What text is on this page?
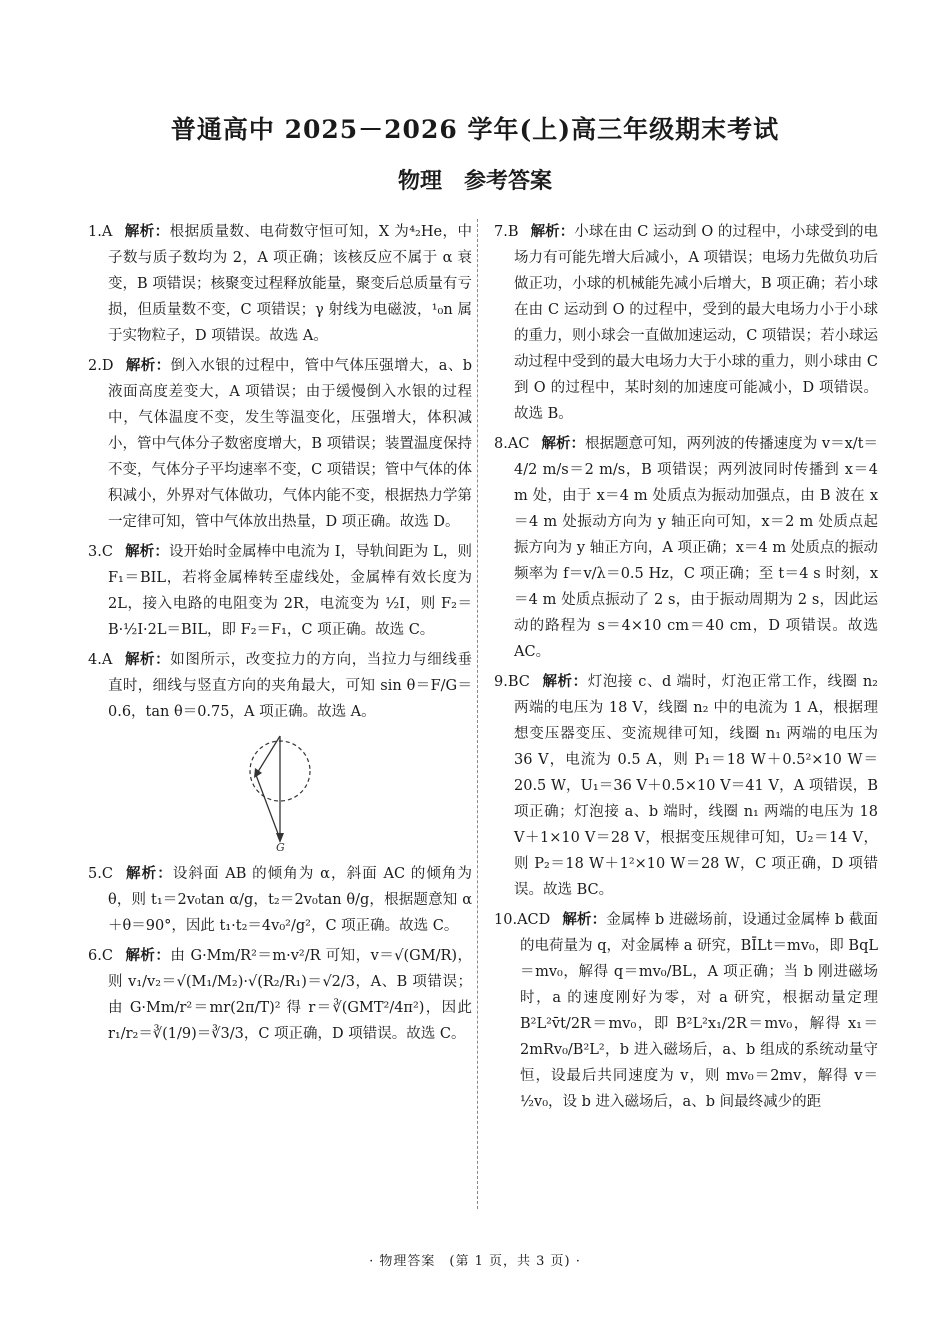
普通高中 2025－2026 学年(上)高三年级期末考试
物理　参考答案

1.A 解析：根据质量数、电荷数守恒可知，X 为⁴₂He，中子数与质子数均为 2，A 项正确；该核反应不属于 α 衰变，B 项错误；核聚变过程释放能量，聚变后总质量有亏损，但质量数不变，C 项错误；γ 射线为电磁波，¹₀n 属于实物粒子，D 项错误。故选 A。

2.D 解析：倒入水银的过程中，管中气体压强增大，a、b 液面高度差变大，A 项错误；由于缓慢倒入水银的过程中，气体温度不变，发生等温变化，压强增大，体积减小，管中气体分子数密度增大，B 项错误；装置温度保持不变，气体分子平均速率不变，C 项错误；管中气体的体积减小，外界对气体做功，气体内能不变，根据热力学第一定律可知，管中气体放出热量，D 项正确。故选 D。

3.C 解析：设开始时金属棒中电流为 I，导轨间距为 L，则 F₁＝BIL，若将金属棒转至虚线处，金属棒有效长度为 2L，接入电路的电阻变为 2R，电流变为 ½I，则 F₂＝B·½I·2L＝BIL，即 F₂＝F₁，C 项正确。故选 C。

4.A 解析：如图所示，改变拉力的方向，当拉力与细线垂直时，细线与竖直方向的夹角最大，可知 sin θ＝F/G＝0.6，tan θ＝0.75，A 项正确。故选 A。

G

5.C 解析：设斜面 AB 的倾角为 α，斜面 AC 的倾角为 θ，则 t₁＝2v₀tan α/g，t₂＝2v₀tan θ/g，根据题意知 α＋θ＝90°，因此 t₁·t₂＝4v₀²/g²，C 项正确。故选 C。

6.C 解析：由 G·Mm/R²＝m·v²/R 可知，v＝√(GM/R)，则 v₁/v₂＝√(M₁/M₂)·√(R₂/R₁)＝√2/3，A、B 项错误；由 G·Mm/r²＝mr(2π/T)² 得 r＝∛(GMT²/4π²)，因此 r₁/r₂＝∛(1/9)＝∛3/3，C 项正确，D 项错误。故选 C。

7.B 解析：小球在由 C 运动到 O 的过程中，小球受到的电场力有可能先增大后减小，A 项错误；电场力先做负功后做正功，小球的机械能先减小后增大，B 项正确；若小球在由 C 运动到 O 的过程中，受到的最大电场力小于小球的重力，则小球会一直做加速运动，C 项错误；若小球运动过程中受到的最大电场力大于小球的重力，则小球由 C 到 O 的过程中，某时刻的加速度可能减小，D 项错误。故选 B。

8.AC 解析：根据题意可知，两列波的传播速度为 v＝x/t＝4/2 m/s＝2 m/s，B 项错误；两列波同时传播到 x＝4 m 处，由于 x＝4 m 处质点为振动加强点，由 B 波在 x＝4 m 处振动方向为 y 轴正向可知，x＝2 m 处质点起振方向为 y 轴正方向，A 项正确；x＝4 m 处质点的振动频率为 f＝v/λ＝0.5 Hz，C 项正确；至 t＝4 s 时刻，x＝4 m 处质点振动了 2 s，由于振动周期为 2 s，因此运动的路程为 s＝4×10 cm＝40 cm，D 项错误。故选 AC。

9.BC 解析：灯泡接 c、d 端时，灯泡正常工作，线圈 n₂ 两端的电压为 18 V，线圈 n₂ 中的电流为 1 A，根据理想变压器变压、变流规律可知，线圈 n₁ 两端的电压为 36 V，电流为 0.5 A，则 P₁＝18 W＋0.5²×10 W＝20.5 W，U₁＝36 V＋0.5×10 V＝41 V，A 项错误，B 项正确；灯泡接 a、b 端时，线圈 n₁ 两端的电压为 18 V＋1×10 V＝28 V，根据变压规律可知，U₂＝14 V，则 P₂＝18 W＋1²×10 W＝28 W，C 项正确，D 项错误。故选 BC。

10.ACD 解析：金属棒 b 进磁场前，设通过金属棒 b 截面的电荷量为 q，对金属棒 a 研究，BĪLt＝mv₀，即 BqL＝mv₀，解得 q＝mv₀/BL，A 项正确；当 b 刚进磁场时，a 的速度刚好为零，对 a 研究，根据动量定理 B²L²v̄t/2R＝mv₀，即 B²L²x₁/2R＝mv₀，解得 x₁＝2mRv₀/B²L²，b 进入磁场后，a、b 组成的系统动量守恒，设最后共同速度为 v，则 mv₀＝2mv，解得 v＝½v₀，设 b 进入磁场后，a、b 间最终减少的距

· 物理答案　(第 1 页，共 3 页) ·
